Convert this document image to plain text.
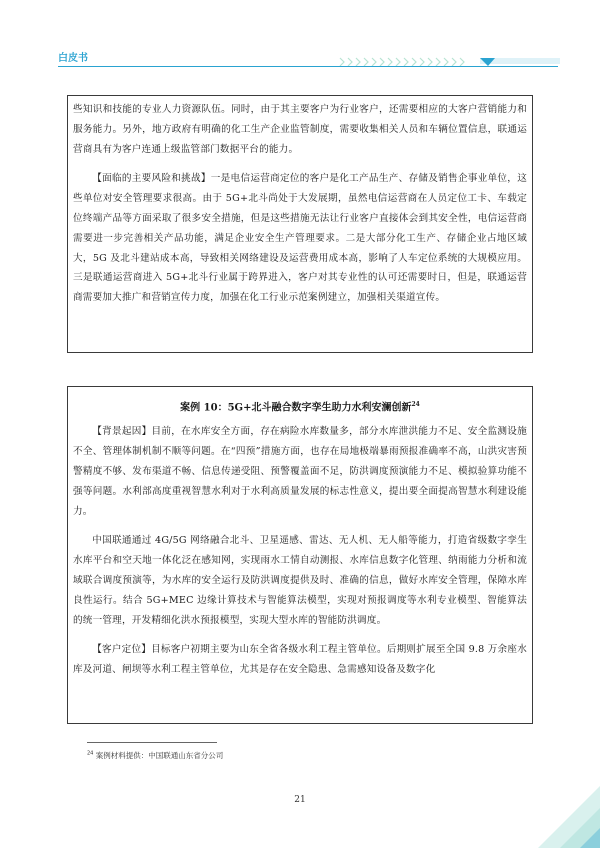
白皮书

些知识和技能的专业人力资源队伍。同时，由于其主要客户为行业客户，还需要相应的大客户营销能力和服务能力。另外，地方政府有明确的化工生产企业监管制度，需要收集相关人员和车辆位置信息，联通运营商具有为客户连通上级监管部门数据平台的能力。

【面临的主要风险和挑战】一是电信运营商定位的客户是化工产品生产、存储及销售企事业单位，这些单位对安全管理要求很高。由于 5G+北斗尚处于大发展期，虽然电信运营商在人员定位工卡、车载定位终端产品等方面采取了很多安全措施，但是这些措施无法让行业客户直接体会到其安全性，电信运营商需要进一步完善相关产品功能，满足企业安全生产管理要求。二是大部分化工生产、存储企业占地区域大，5G 及北斗建站成本高，导致相关网络建设及运营费用成本高，影响了人车定位系统的大规模应用。三是联通运营商进入 5G+北斗行业属于跨界进入，客户对其专业性的认可还需要时日，但是，联通运营商需要加大推广和营销宣传力度，加强在化工行业示范案例建立，加强相关渠道宣传。

案例 10：5G+北斗融合数字孪生助力水利安澜创新$^{24}$

【背景起因】目前，在水库安全方面，存在病险水库数量多，部分水库泄洪能力不足、安全监测设施不全、管理体制机制不顺等问题。在“四预”措施方面，也存在局地极端暴雨预报准确率不高，山洪灾害预警精度不够、发布渠道不畅、信息传递受阻、预警覆盖面不足，防洪调度预演能力不足、模拟验算功能不强等问题。水利部高度重视智慧水利对于水利高质量发展的标志性意义，提出要全面提高智慧水利建设能力。

中国联通通过 4G/5G 网络融合北斗、卫星遥感、雷达、无人机、无人船等能力，打造省级数字孪生水库平台和空天地一体化泛在感知网，实现雨水工情自动测报、水库信息数字化管理、纳雨能力分析和流域联合调度预演等，为水库的安全运行及防洪调度提供及时、准确的信息，做好水库安全管理，保障水库良性运行。结合 5G+MEC 边缘计算技术与智能算法模型，实现对预报调度等水利专业模型、智能算法的统一管理，开发精细化洪水预报模型，实现大型水库的智能防洪调度。

【客户定位】目标客户初期主要为山东全省各级水利工程主管单位。后期则扩展至全国 9.8 万余座水库及河道、闸坝等水利工程主管单位，尤其是存在安全隐患、急需感知设备及数字化

$^{24}$ 案例材料提供：中国联通山东省分公司
21
